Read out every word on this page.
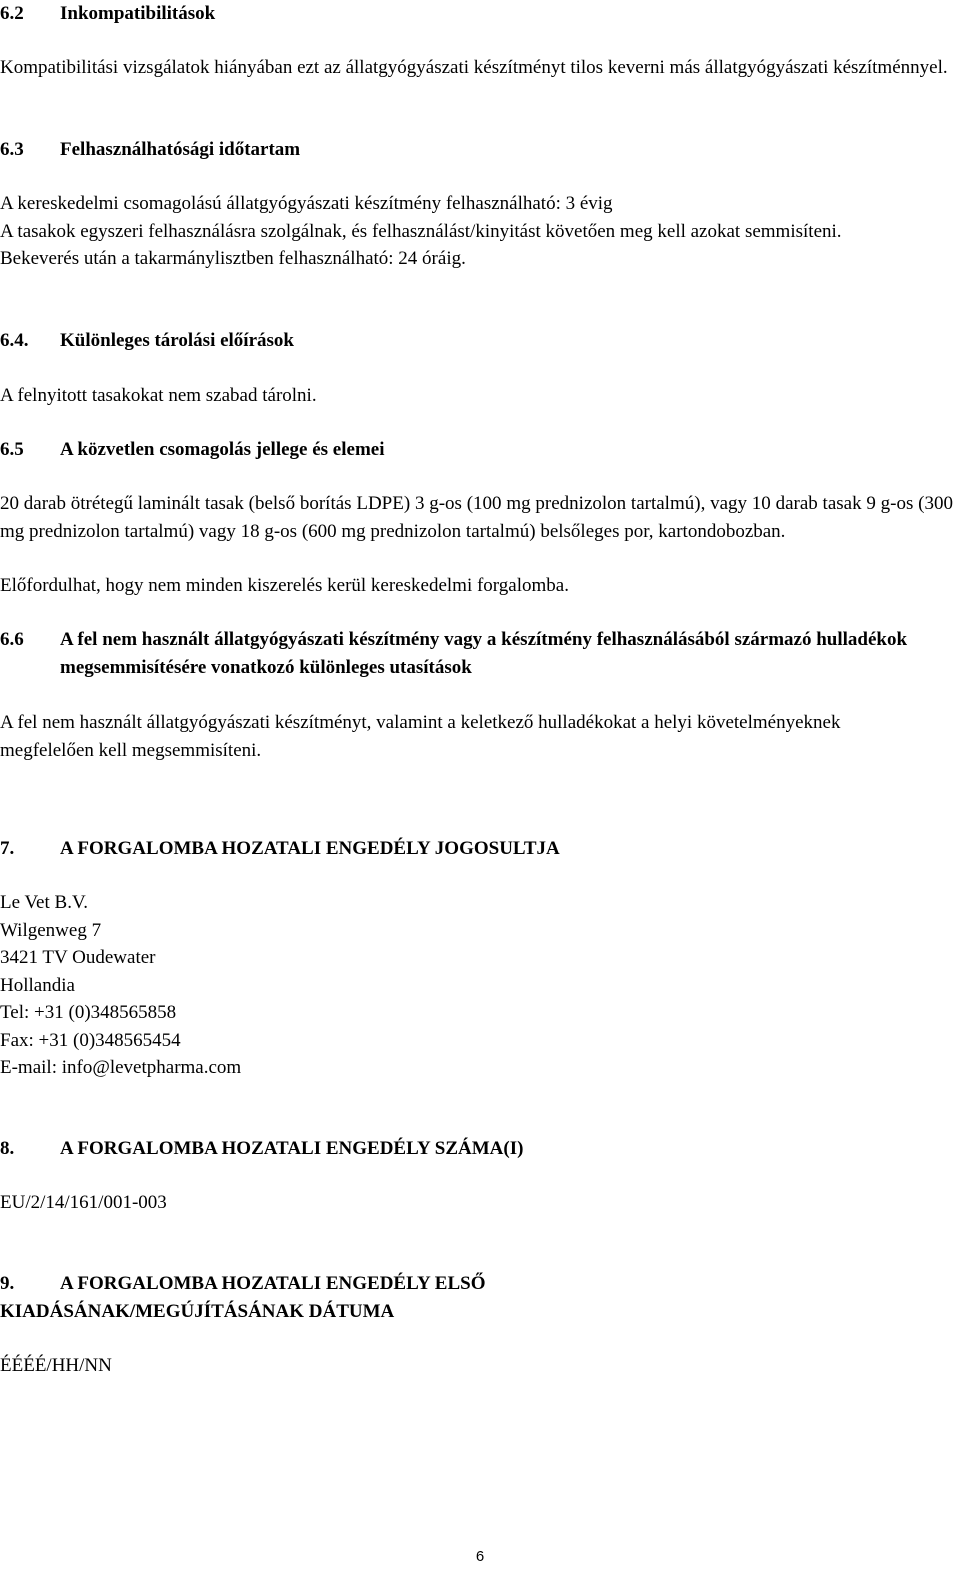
6.2 Inkompatibilitások
Kompatibilitási vizsgálatok hiányában ezt az állatgyógyászati készítményt tilos keverni más állatgyógyászati készítménnyel.
6.3 Felhasználhatósági időtartam
A kereskedelmi csomagolású állatgyógyászati készítmény felhasználható: 3 évig
A tasakok egyszeri felhasználásra szolgálnak, és felhasználást/kinyitást követően meg kell azokat semmisíteni.
Bekeverés után a takarmánylisztben felhasználható: 24 óráig.
6.4. Különleges tárolási előírások
A felnyitott tasakokat nem szabad tárolni.
6.5 A közvetlen csomagolás jellege és elemei
20 darab ötrétegű laminált tasak (belső borítás LDPE) 3 g-os (100 mg prednizolon tartalmú), vagy 10 darab tasak 9 g-os (300 mg prednizolon tartalmú) vagy 18 g-os (600 mg prednizolon tartalmú) belsőleges por, kartondobozban.
Előfordulhat, hogy nem minden kiszerelés kerül kereskedelmi forgalomba.
6.6 A fel nem használt állatgyógyászati készítmény vagy a készítmény felhasználásából származó hulladékok megsemmisítésére vonatkozó különleges utasítások
A fel nem használt állatgyógyászati készítményt, valamint a keletkező hulladékokat a helyi követelményeknek megfelelően kell megsemmisíteni.
7. A FORGALOMBA HOZATALI ENGEDÉLY JOGOSULTJA
Le Vet B.V.
Wilgenweg 7
3421 TV Oudewater
Hollandia
Tel: +31 (0)348565858
Fax: +31 (0)348565454
E-mail: info@levetpharma.com
8. A FORGALOMBA HOZATALI ENGEDÉLY SZÁMA(I)
EU/2/14/161/001-003
9. A FORGALOMBA HOZATALI ENGEDÉLY ELSŐ KIADÁSÁNAK/MEGÚJÍTÁSÁNAK DÁTUMA
ÉÉÉÉ/HH/NN
6
